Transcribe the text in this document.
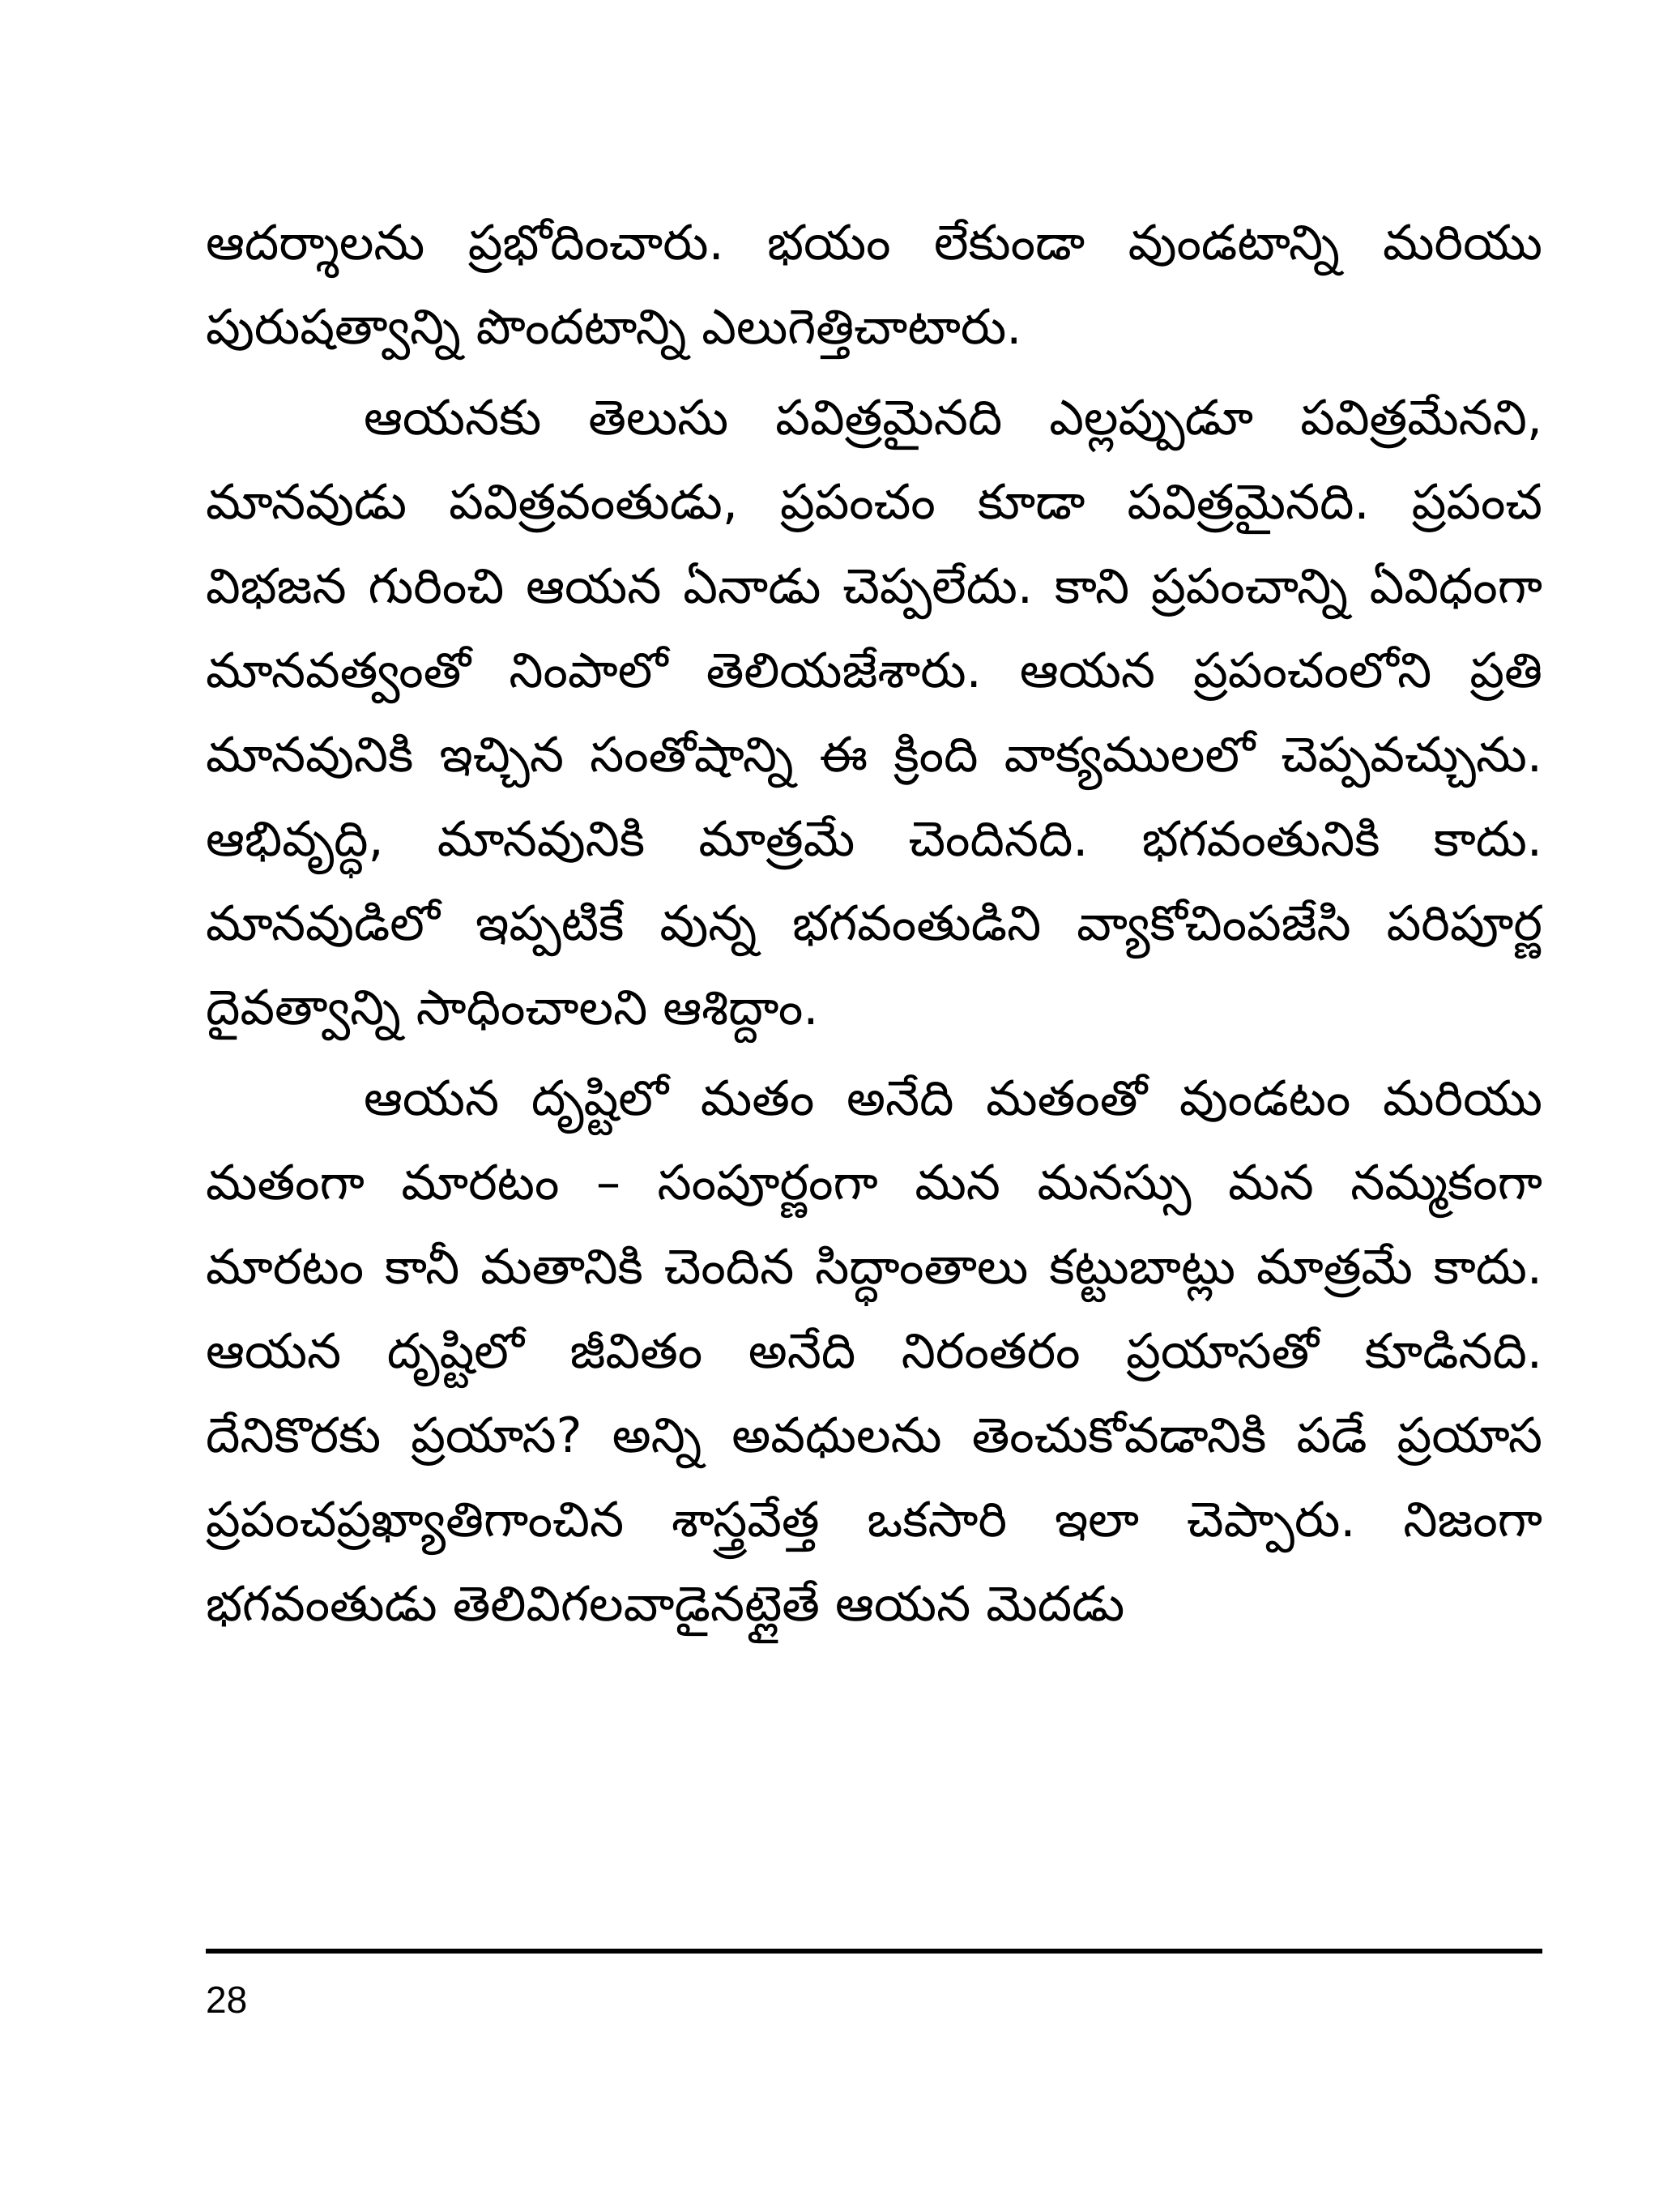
ఆదర్శాలను ప్రభోదించారు. భయం లేకుండా వుండటాన్ని మరియు పురుషత్వాన్ని పొందటాన్ని ఎలుగెత్తిచాటారు.

ఆయనకు తెలుసు పవిత్రమైనది ఎల్లప్పుడూ పవిత్రమేనని, మానవుడు పవిత్రవంతుడు, ప్రపంచం కూడా పవిత్రమైనది. ప్రపంచ విభజన గురించి ఆయన ఏనాడు చెప్పలేదు. కాని ప్రపంచాన్ని ఏవిధంగా మానవత్వంతో నింపాలో తెలియజేశారు. ఆయన ప్రపంచంలోని ప్రతి మానవునికి ఇచ్చిన సంతోషాన్ని ఈ క్రింది వాక్యములలో చెప్పవచ్చును. ఆభివృద్ధి, మానవునికి మాత్రమే చెందినది. భగవంతునికి కాదు. మానవుడిలో ఇప్పటికే వున్న భగవంతుడిని వ్యాకోచింపజేసి పరిపూర్ణ దైవత్వాన్ని సాధించాలని ఆశిద్దాం.

ఆయన దృష్టిలో మతం అనేది మతంతో వుండటం మరియు మతంగా మారటం – సంపూర్ణంగా మన మనస్సు మన నమ్మకంగా మారటం కానీ మతానికి చెందిన సిద్ధాంతాలు కట్టుబాట్లు మాత్రమే కాదు. ఆయన దృష్టిలో జీవితం అనేది నిరంతరం ప్రయాసతో కూడినది. దేనికొరకు ప్రయాస? అన్ని అవధులను తెంచుకోవడానికి పడే ప్రయాస ప్రపంచప్రఖ్యాతిగాంచిన శాస్త్రవేత్త ఒకసారి ఇలా చెప్పారు. నిజంగా భగవంతుడు తెలివిగలవాడైనట్లైతే ఆయన మెదడు

28
